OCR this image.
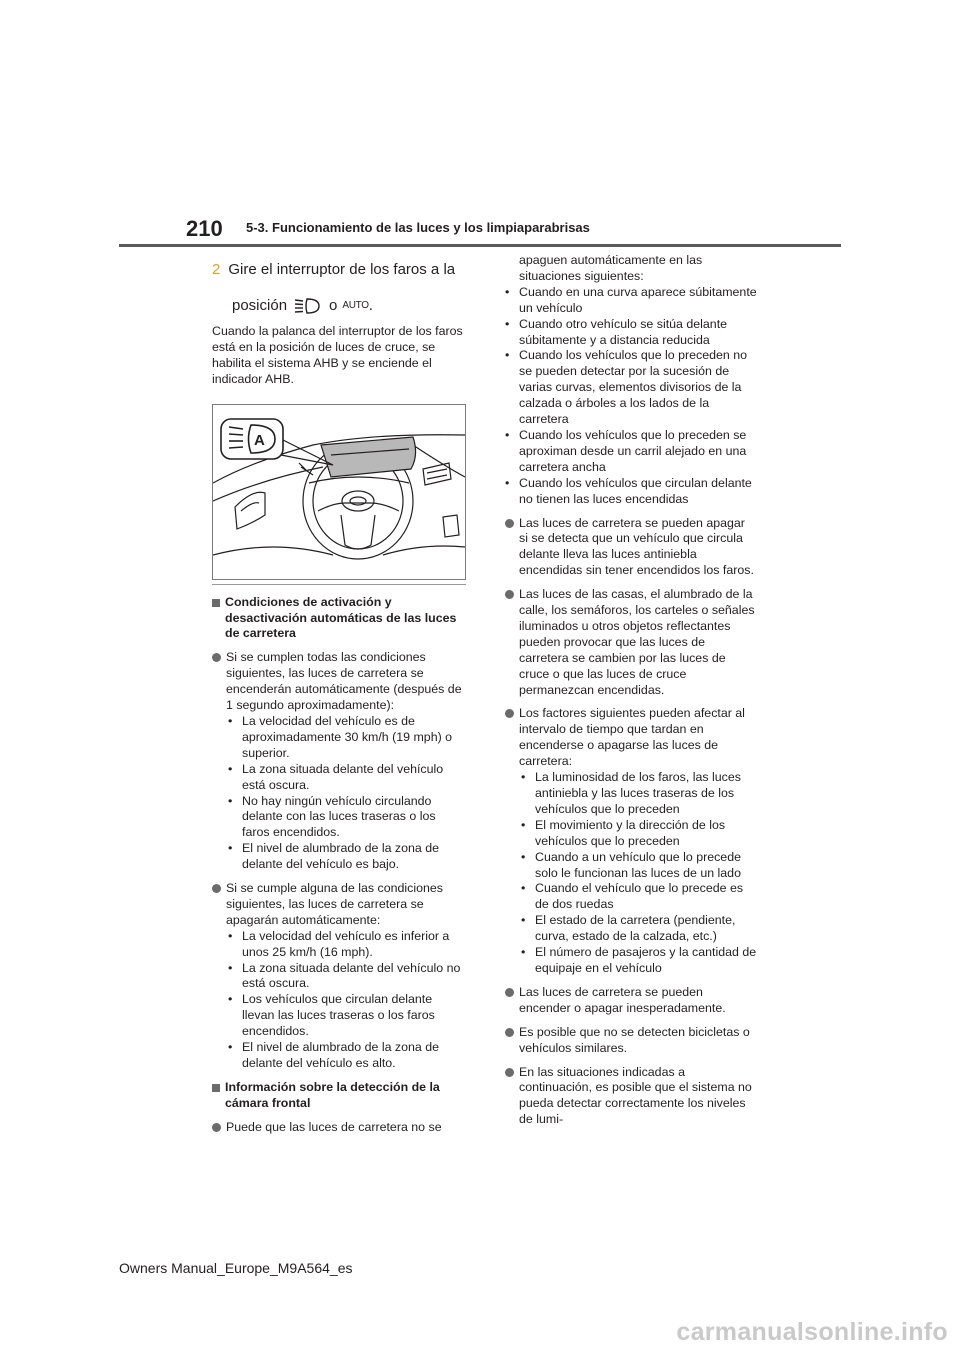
210 5-3. Funcionamiento de las luces y los limpiaparabrisas
2 Gire el interruptor de los faros a la
posición	o AUTO .

Cuando la palanca del interruptor de los faros está en la posición de luces de cruce, se habilita el sistema AHB y se enciende el indicador AHB.

A
Condiciones de activación y desactivación automáticas de las luces de carretera
Si se cumplen todas las condiciones siguientes, las luces de carretera se encenderán automáticamente (después de 1 segundo aproximadamente):
• La velocidad del vehículo es de aproximadamente 30 km/h (19 mph) o superior.
• La zona situada delante del vehículo está oscura.
• No hay ningún vehículo circulando delante con las luces traseras o los faros encendidos.
• El nivel de alumbrado de la zona de delante del vehículo es bajo.
Si se cumple alguna de las condiciones siguientes, las luces de carretera se apagarán automáticamente:
• La velocidad del vehículo es inferior a unos 25 km/h (16 mph).
• La zona situada delante del vehículo no está oscura.
• Los vehículos que circulan delante llevan las luces traseras o los faros encendidos.
• El nivel de alumbrado de la zona de delante del vehículo es alto.
Información sobre la detección de la cámara frontal
Puede que las luces de carretera no se
apaguen automáticamente en las situaciones siguientes:
• Cuando en una curva aparece súbitamente un vehículo
• Cuando otro vehículo se sitúa delante súbitamente y a distancia reducida
• Cuando los vehículos que lo preceden no se pueden detectar por la sucesión de varias curvas, elementos divisorios de la calzada o árboles a los lados de la carretera
• Cuando los vehículos que lo preceden se aproximan desde un carril alejado en una carretera ancha
• Cuando los vehículos que circulan delante no tienen las luces encendidas
Las luces de carretera se pueden apagar si se detecta que un vehículo que circula delante lleva las luces antiniebla encendidas sin tener encendidos los faros.
Las luces de las casas, el alumbrado de la calle, los semáforos, los carteles o señales iluminados u otros objetos reflectantes pueden provocar que las luces de carretera se cambien por las luces de cruce o que las luces de cruce permanezcan encendidas.
Los factores siguientes pueden afectar al intervalo de tiempo que tardan en encenderse o apagarse las luces de carretera:
• La luminosidad de los faros, las luces antiniebla y las luces traseras de los vehículos que lo preceden
• El movimiento y la dirección de los vehículos que lo preceden
• Cuando a un vehículo que lo precede solo le funcionan las luces de un lado
• Cuando el vehículo que lo precede es de dos ruedas
• El estado de la carretera (pendiente, curva, estado de la calzada, etc.)
• El número de pasajeros y la cantidad de equipaje en el vehículo
Las luces de carretera se pueden encender o apagar inesperadamente.
Es posible que no se detecten bicicletas o vehículos similares.
En las situaciones indicadas a continuación, es posible que el sistema no pueda detectar correctamente los niveles de lumi-
Owners Manual_Europe_M9A564_es
carmanualsonline.info
